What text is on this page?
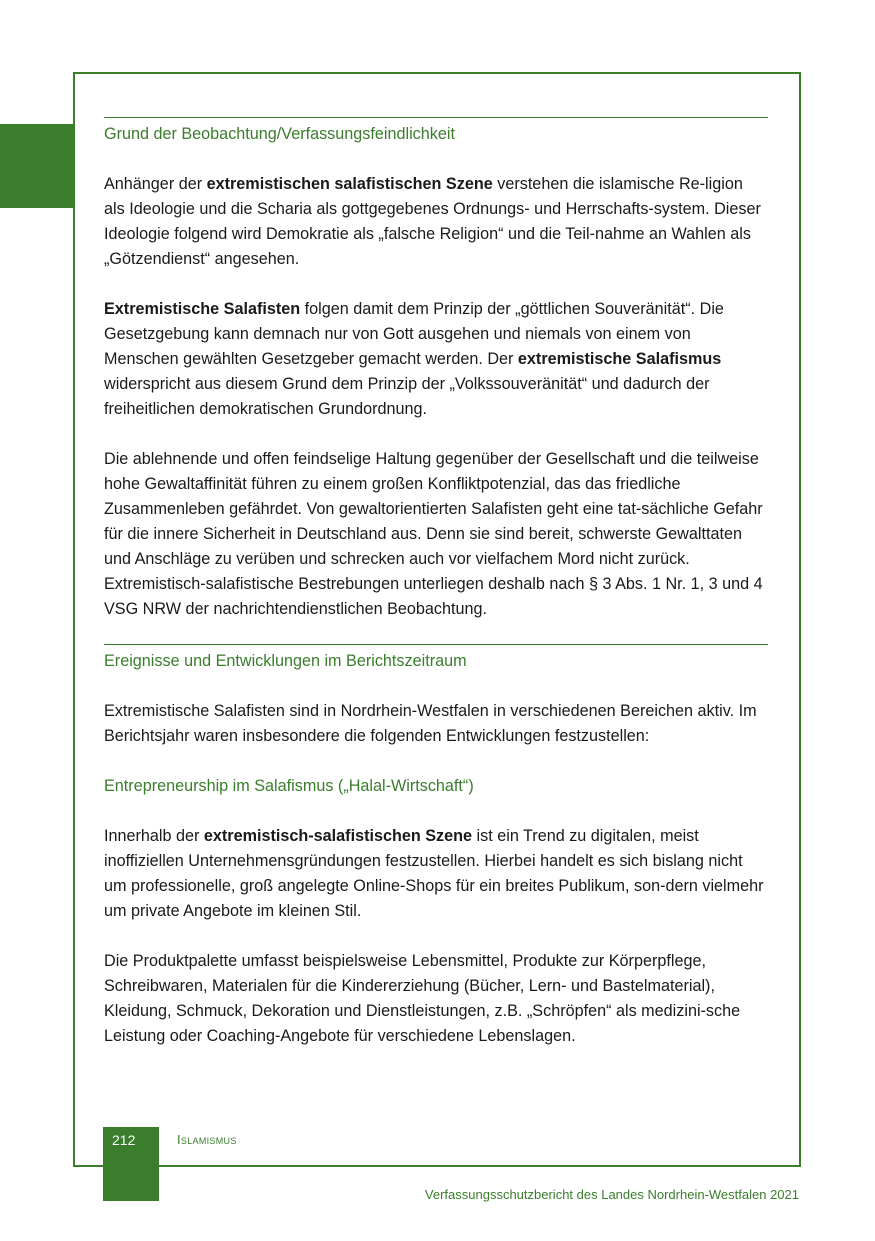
Grund der Beobachtung/Verfassungsfeindlichkeit

Anhänger der extremistischen salafistischen Szene verstehen die islamische Re-ligion als Ideologie und die Scharia als gottgegebenes Ordnungs- und Herrschafts-system. Dieser Ideologie folgend wird Demokratie als „falsche Religion“ und die Teil-nahme an Wahlen als „Götzendienst“ angesehen.

Extremistische Salafisten folgen damit dem Prinzip der „göttlichen Souveränität“. Die Gesetzgebung kann demnach nur von Gott ausgehen und niemals von einem von Menschen gewählten Gesetzgeber gemacht werden. Der extremistische Salafismus widerspricht aus diesem Grund dem Prinzip der „Volkssouveränität“ und dadurch der freiheitlichen demokratischen Grundordnung.

Die ablehnende und offen feindselige Haltung gegenüber der Gesellschaft und die teilweise hohe Gewaltaffinität führen zu einem großen Konfliktpotenzial, das das friedliche Zusammenleben gefährdet. Von gewaltorientierten Salafisten geht eine tat-sächliche Gefahr für die innere Sicherheit in Deutschland aus. Denn sie sind bereit, schwerste Gewalttaten und Anschläge zu verüben und schrecken auch vor vielfachem Mord nicht zurück. Extremistisch-salafistische Bestrebungen unterliegen deshalb nach § 3 Abs. 1 Nr. 1, 3 und 4 VSG NRW der nachrichtendienstlichen Beobachtung.

Ereignisse und Entwicklungen im Berichtszeitraum

Extremistische Salafisten sind in Nordrhein-Westfalen in verschiedenen Bereichen aktiv. Im Berichtsjahr waren insbesondere die folgenden Entwicklungen festzustellen:

Entrepreneurship im Salafismus („Halal-Wirtschaft“)

Innerhalb der extremistisch-salafistischen Szene ist ein Trend zu digitalen, meist inoffiziellen Unternehmensgründungen festzustellen. Hierbei handelt es sich bislang nicht um professionelle, groß angelegte Online-Shops für ein breites Publikum, son-dern vielmehr um private Angebote im kleinen Stil.

Die Produktpalette umfasst beispielsweise Lebensmittel, Produkte zur Körperpflege, Schreibwaren, Materialen für die Kindererziehung (Bücher, Lern- und Bastelmaterial), Kleidung, Schmuck, Dekoration und Dienstleistungen, z.B. „Schröpfen“ als medizini-sche Leistung oder Coaching-Angebote für verschiedene Lebenslagen.

212	Islamismus
Verfassungsschutzbericht des Landes Nordrhein-Westfalen 2021
